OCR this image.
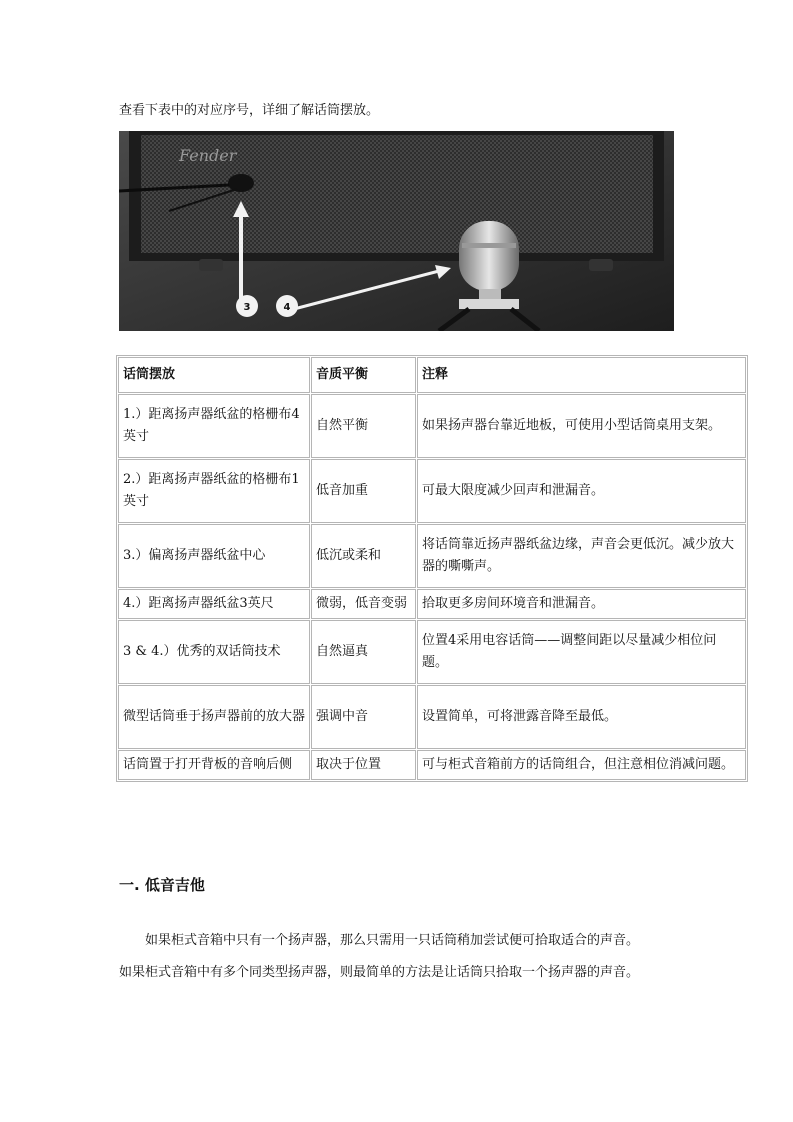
查看下表中的对应序号，详细了解话筒摆放。

Fender
3	4
话筒摆放	音质平衡	注释
1.）距离扬声器纸盆的格栅布4英寸	自然平衡	如果扬声器台靠近地板，可使用小型话筒桌用支架。
2.）距离扬声器纸盆的格栅布1英寸	低音加重	可最大限度减少回声和泄漏音。
3.）偏离扬声器纸盆中心	低沉或柔和	将话筒靠近扬声器纸盆边缘，声音会更低沉。减少放大器的嘶嘶声。
4.）距离扬声器纸盆3英尺	微弱，低音变弱	拾取更多房间环境音和泄漏音。
3 & 4.）优秀的双话筒技术	自然逼真	位置4采用电容话筒——调整间距以尽量减少相位问题。
微型话筒垂于扬声器前的放大器	强调中音	设置简单，可将泄露音降至最低。
话筒置于打开背板的音响后侧	取决于位置	可与柜式音箱前方的话筒组合，但注意相位消减问题。
一. 低音吉他

如果柜式音箱中只有一个扬声器，那么只需用一只话筒稍加尝试便可拾取适合的声音。
如果柜式音箱中有多个同类型扬声器，则最简单的方法是让话筒只拾取一个扬声器的声音。
